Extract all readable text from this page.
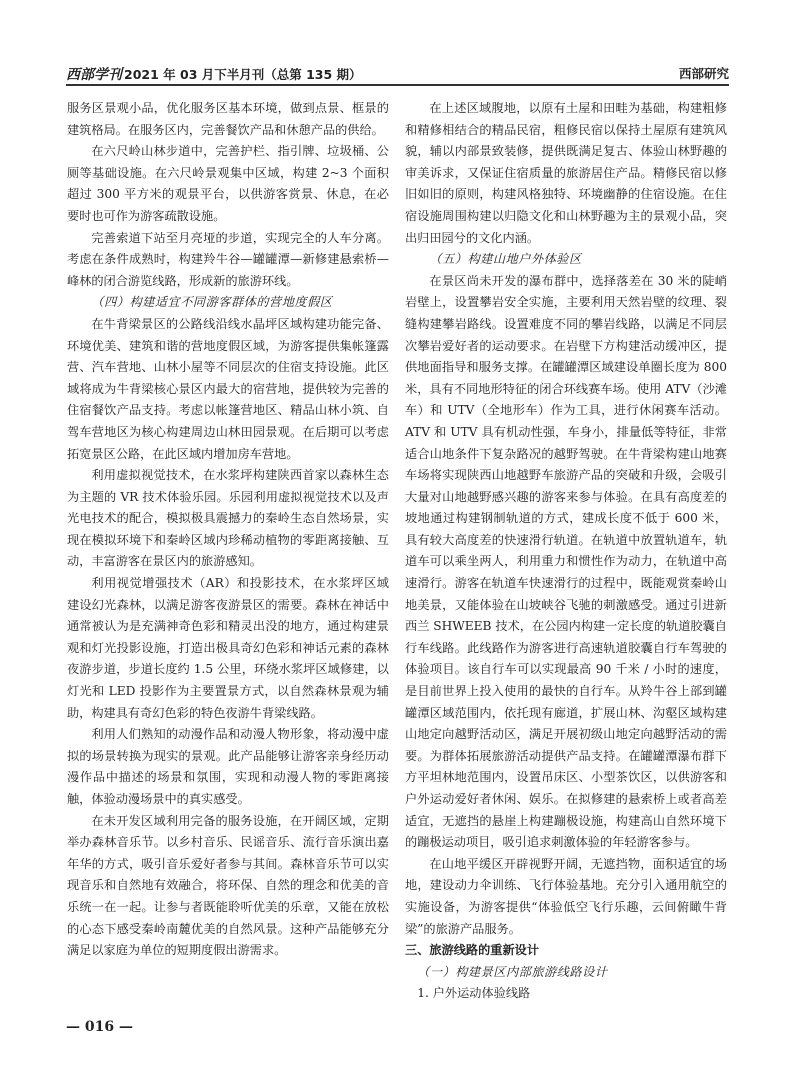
西部学刊 2021 年 03 月下半月刊（总第 135 期）	西部研究

服务区景观小品，优化服务区基本环境，做到点景、框景的建筑格局。在服务区内，完善餐饮产品和休憩产品的供给。

在六尺岭山林步道中，完善护栏、指引牌、垃圾桶、公厕等基础设施。在六尺岭景观集中区域，构建 2~3 个面积超过 300 平方米的观景平台，以供游客赏景、休息，在必要时也可作为游客疏散设施。

完善索道下站至月亮垭的步道，实现完全的人车分离。考虑在条件成熟时，构建羚牛谷—罐罐潭—新修建悬索桥—峰林的闭合游览线路，形成新的旅游环线。

（四）构建适宜不同游客群体的营地度假区

在牛背梁景区的公路线沿线水晶坪区域构建功能完备、环境优美、建筑和谐的营地度假区域，为游客提供集帐篷露营、汽车营地、山林小屋等不同层次的住宿支持设施。此区域将成为牛背梁核心景区内最大的宿营地，提供较为完善的住宿餐饮产品支持。考虑以帐篷营地区、精品山林小筑、自驾车营地区为核心构建周边山林田园景观。在后期可以考虑拓宽景区公路，在此区域内增加房车营地。

利用虚拟视觉技术，在水浆坪构建陕西首家以森林生态为主题的 VR 技术体验乐园。乐园利用虚拟视觉技术以及声光电技术的配合，模拟极具震撼力的秦岭生态自然场景，实现在模拟环境下和秦岭区域内珍稀动植物的零距离接触、互动，丰富游客在景区内的旅游感知。

利用视觉增强技术（AR）和投影技术，在水浆坪区域建设幻光森林，以满足游客夜游景区的需要。森林在神话中通常被认为是充满神奇色彩和精灵出没的地方，通过构建景观和灯光投影设施，打造出极具奇幻色彩和神话元素的森林夜游步道，步道长度约 1.5 公里，环绕水浆坪区域修建，以灯光和 LED 投影作为主要置景方式，以自然森林景观为辅助，构建具有奇幻色彩的特色夜游牛背梁线路。

利用人们熟知的动漫作品和动漫人物形象，将动漫中虚拟的场景转换为现实的景观。此产品能够让游客亲身经历动漫作品中描述的场景和氛围，实现和动漫人物的零距离接触，体验动漫场景中的真实感受。

在未开发区域利用完备的服务设施，在开阔区域，定期举办森林音乐节。以乡村音乐、民谣音乐、流行音乐演出嘉年华的方式，吸引音乐爱好者参与其间。森林音乐节可以实现音乐和自然地有效融合，将环保、自然的理念和优美的音乐统一在一起。让参与者既能聆听优美的乐章，又能在放松的心态下感受秦岭南麓优美的自然风景。这种产品能够充分满足以家庭为单位的短期度假出游需求。

在上述区域腹地，以原有土屋和田畦为基础，构建粗修和精修相结合的精品民宿，粗修民宿以保持土屋原有建筑风貌，辅以内部景致装修，提供既满足复古、体验山林野趣的审美诉求，又保证住宿质量的旅游居住产品。精修民宿以修旧如旧的原则，构建风格独特、环境幽静的住宿设施。在住宿设施周围构建以归隐文化和山林野趣为主的景观小品，突出归田园兮的文化内涵。

（五）构建山地户外体验区

在景区尚未开发的瀑布群中，选择落差在 30 米的陡峭岩壁上，设置攀岩安全实施，主要利用天然岩壁的纹理、裂缝构建攀岩路线。设置难度不同的攀岩线路，以满足不同层次攀岩爱好者的运动要求。在岩壁下方构建活动缓冲区，提供地面指导和服务支撑。在罐罐潭区域建设单圈长度为 800 米，具有不同地形特征的闭合环线赛车场。使用 ATV（沙滩车）和 UTV（全地形车）作为工具，进行休闲赛车活动。ATV 和 UTV 具有机动性强，车身小，排量低等特征，非常适合山地条件下复杂路况的越野驾驶。在牛背梁构建山地赛车场将实现陕西山地越野车旅游产品的突破和升级，会吸引大量对山地越野感兴趣的游客来参与体验。在具有高度差的坡地通过构建钢制轨道的方式，建成长度不低于 600 米，具有较大高度差的快速滑行轨道。在轨道中放置轨道车，轨道车可以乘坐两人，利用重力和惯性作为动力，在轨道中高速滑行。游客在轨道车快速滑行的过程中，既能观赏秦岭山地美景，又能体验在山坡峡谷飞驰的刺激感受。通过引进新西兰 SHWEEB 技术，在公园内构建一定长度的轨道胶囊自行车线路。此线路作为游客进行高速轨道胶囊自行车驾驶的体验项目。该自行车可以实现最高 90 千米 / 小时的速度，是目前世界上投入使用的最快的自行车。从羚牛谷上部到罐罐潭区域范围内，依托现有廊道，扩展山林、沟壑区域构建山地定向越野活动区，满足开展初级山地定向越野活动的需要。为群体拓展旅游活动提供产品支持。在罐罐潭瀑布群下方平坦林地范围内，设置吊床区、小型茶饮区，以供游客和户外运动爱好者休闲、娱乐。在拟修建的悬索桥上或者高差适宜，无遮挡的悬崖上构建蹦极设施，构建高山自然环境下的蹦极运动项目，吸引追求刺激体验的年轻游客参与。

在山地平缓区开辟视野开阔，无遮挡物，面积适宜的场地，建设动力伞训练、飞行体验基地。充分引入通用航空的实施设备，为游客提供“体验低空飞行乐趣，云间俯瞰牛背梁”的旅游产品服务。

三、旅游线路的重新设计

（一）构建景区内部旅游线路设计

1. 户外运动体验线路

— 016 —
